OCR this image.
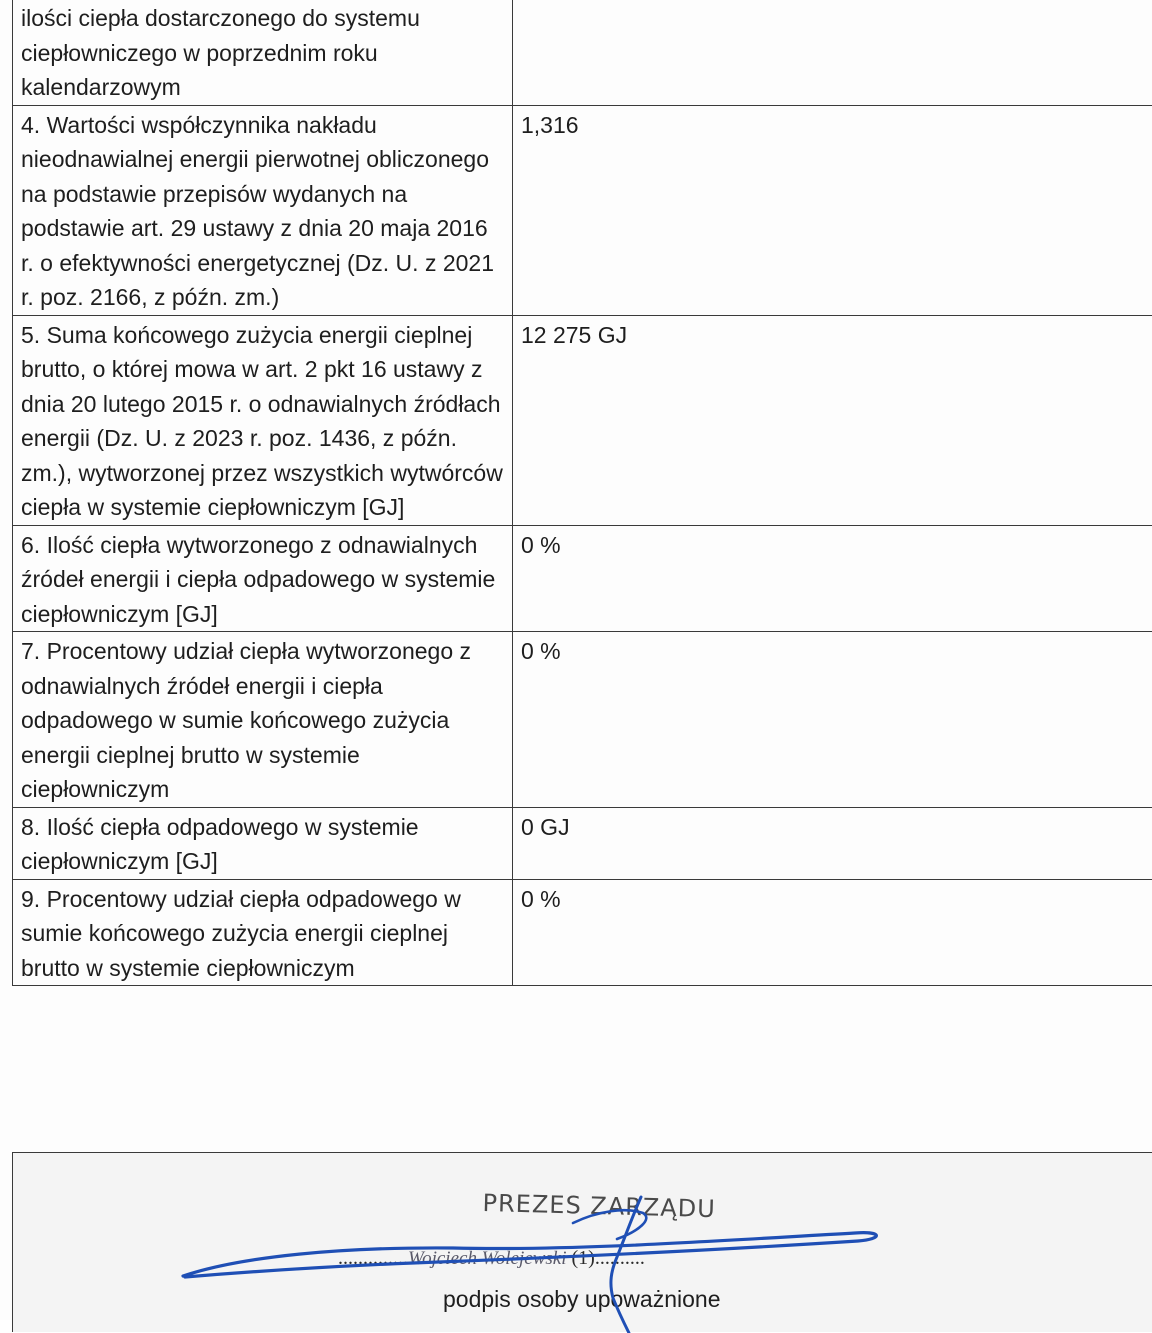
ilości ciepła dostarczonego do systemu ciepłowniczego w poprzednim roku kalendarzowym	
4. Wartości współczynnika nakładu nieodnawialnej energii pierwotnej obliczonego na podstawie przepisów wydanych na podstawie art. 29 ustawy z dnia 20 maja 2016 r. o efektywności energetycznej (Dz. U. z 2021 r. poz. 2166, z późn. zm.)	1,316
5. Suma końcowego zużycia energii cieplnej brutto, o której mowa w art. 2 pkt 16 ustawy z dnia 20 lutego 2015 r. o odnawialnych źródłach energii (Dz. U. z 2023 r. poz. 1436, z późn. zm.), wytworzonej przez wszystkich wytwórców ciepła w systemie ciepłowniczym [GJ]	12 275 GJ
6. Ilość ciepła wytworzonego z odnawialnych źródeł energii i ciepła odpadowego w systemie ciepłowniczym [GJ]	0 %
7. Procentowy udział ciepła wytworzonego z odnawialnych źródeł energii i ciepła odpadowego w sumie końcowego zużycia energii cieplnej brutto w systemie ciepłowniczym	0 %
8. Ilość ciepła odpadowego w systemie ciepłowniczym [GJ]	0 GJ
9. Procentowy udział ciepła odpadowego w sumie końcowego zużycia energii cieplnej brutto w systemie ciepłowniczym	0 %
PREZES ZARZĄDU
..............Wojciech Wolejewski (1)..........
podpis osoby upoważnione
